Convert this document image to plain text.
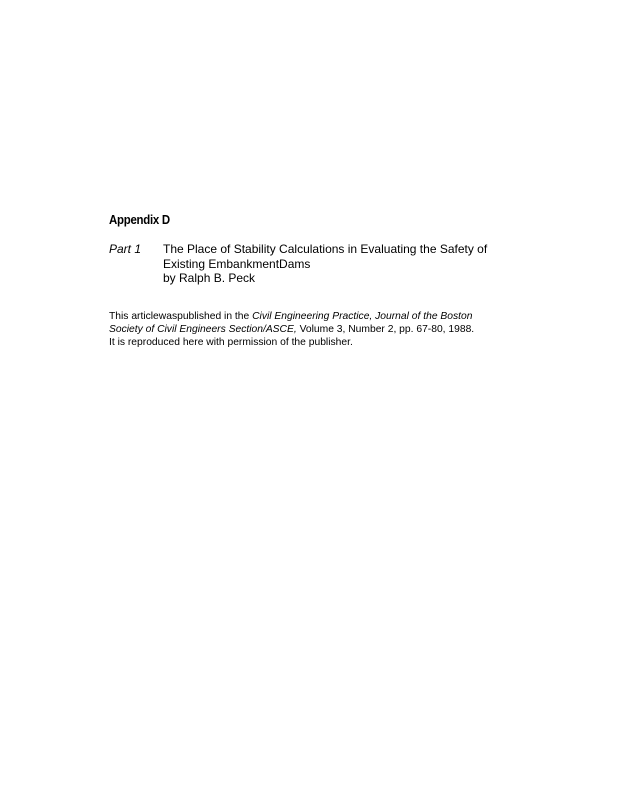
Appendix D
Part 1 The Place of Stability Calculations in Evaluating the Safety of
Existing EmbankmentDams
by Ralph B. Peck
This articlewaspublished in the Civil Engineering Practice, Journal of the Boston
Society of Civil Engineers Section/ASCE, Volume 3, Number 2, pp. 67-80, 1988.
It is reproduced here with permission of the publisher.
